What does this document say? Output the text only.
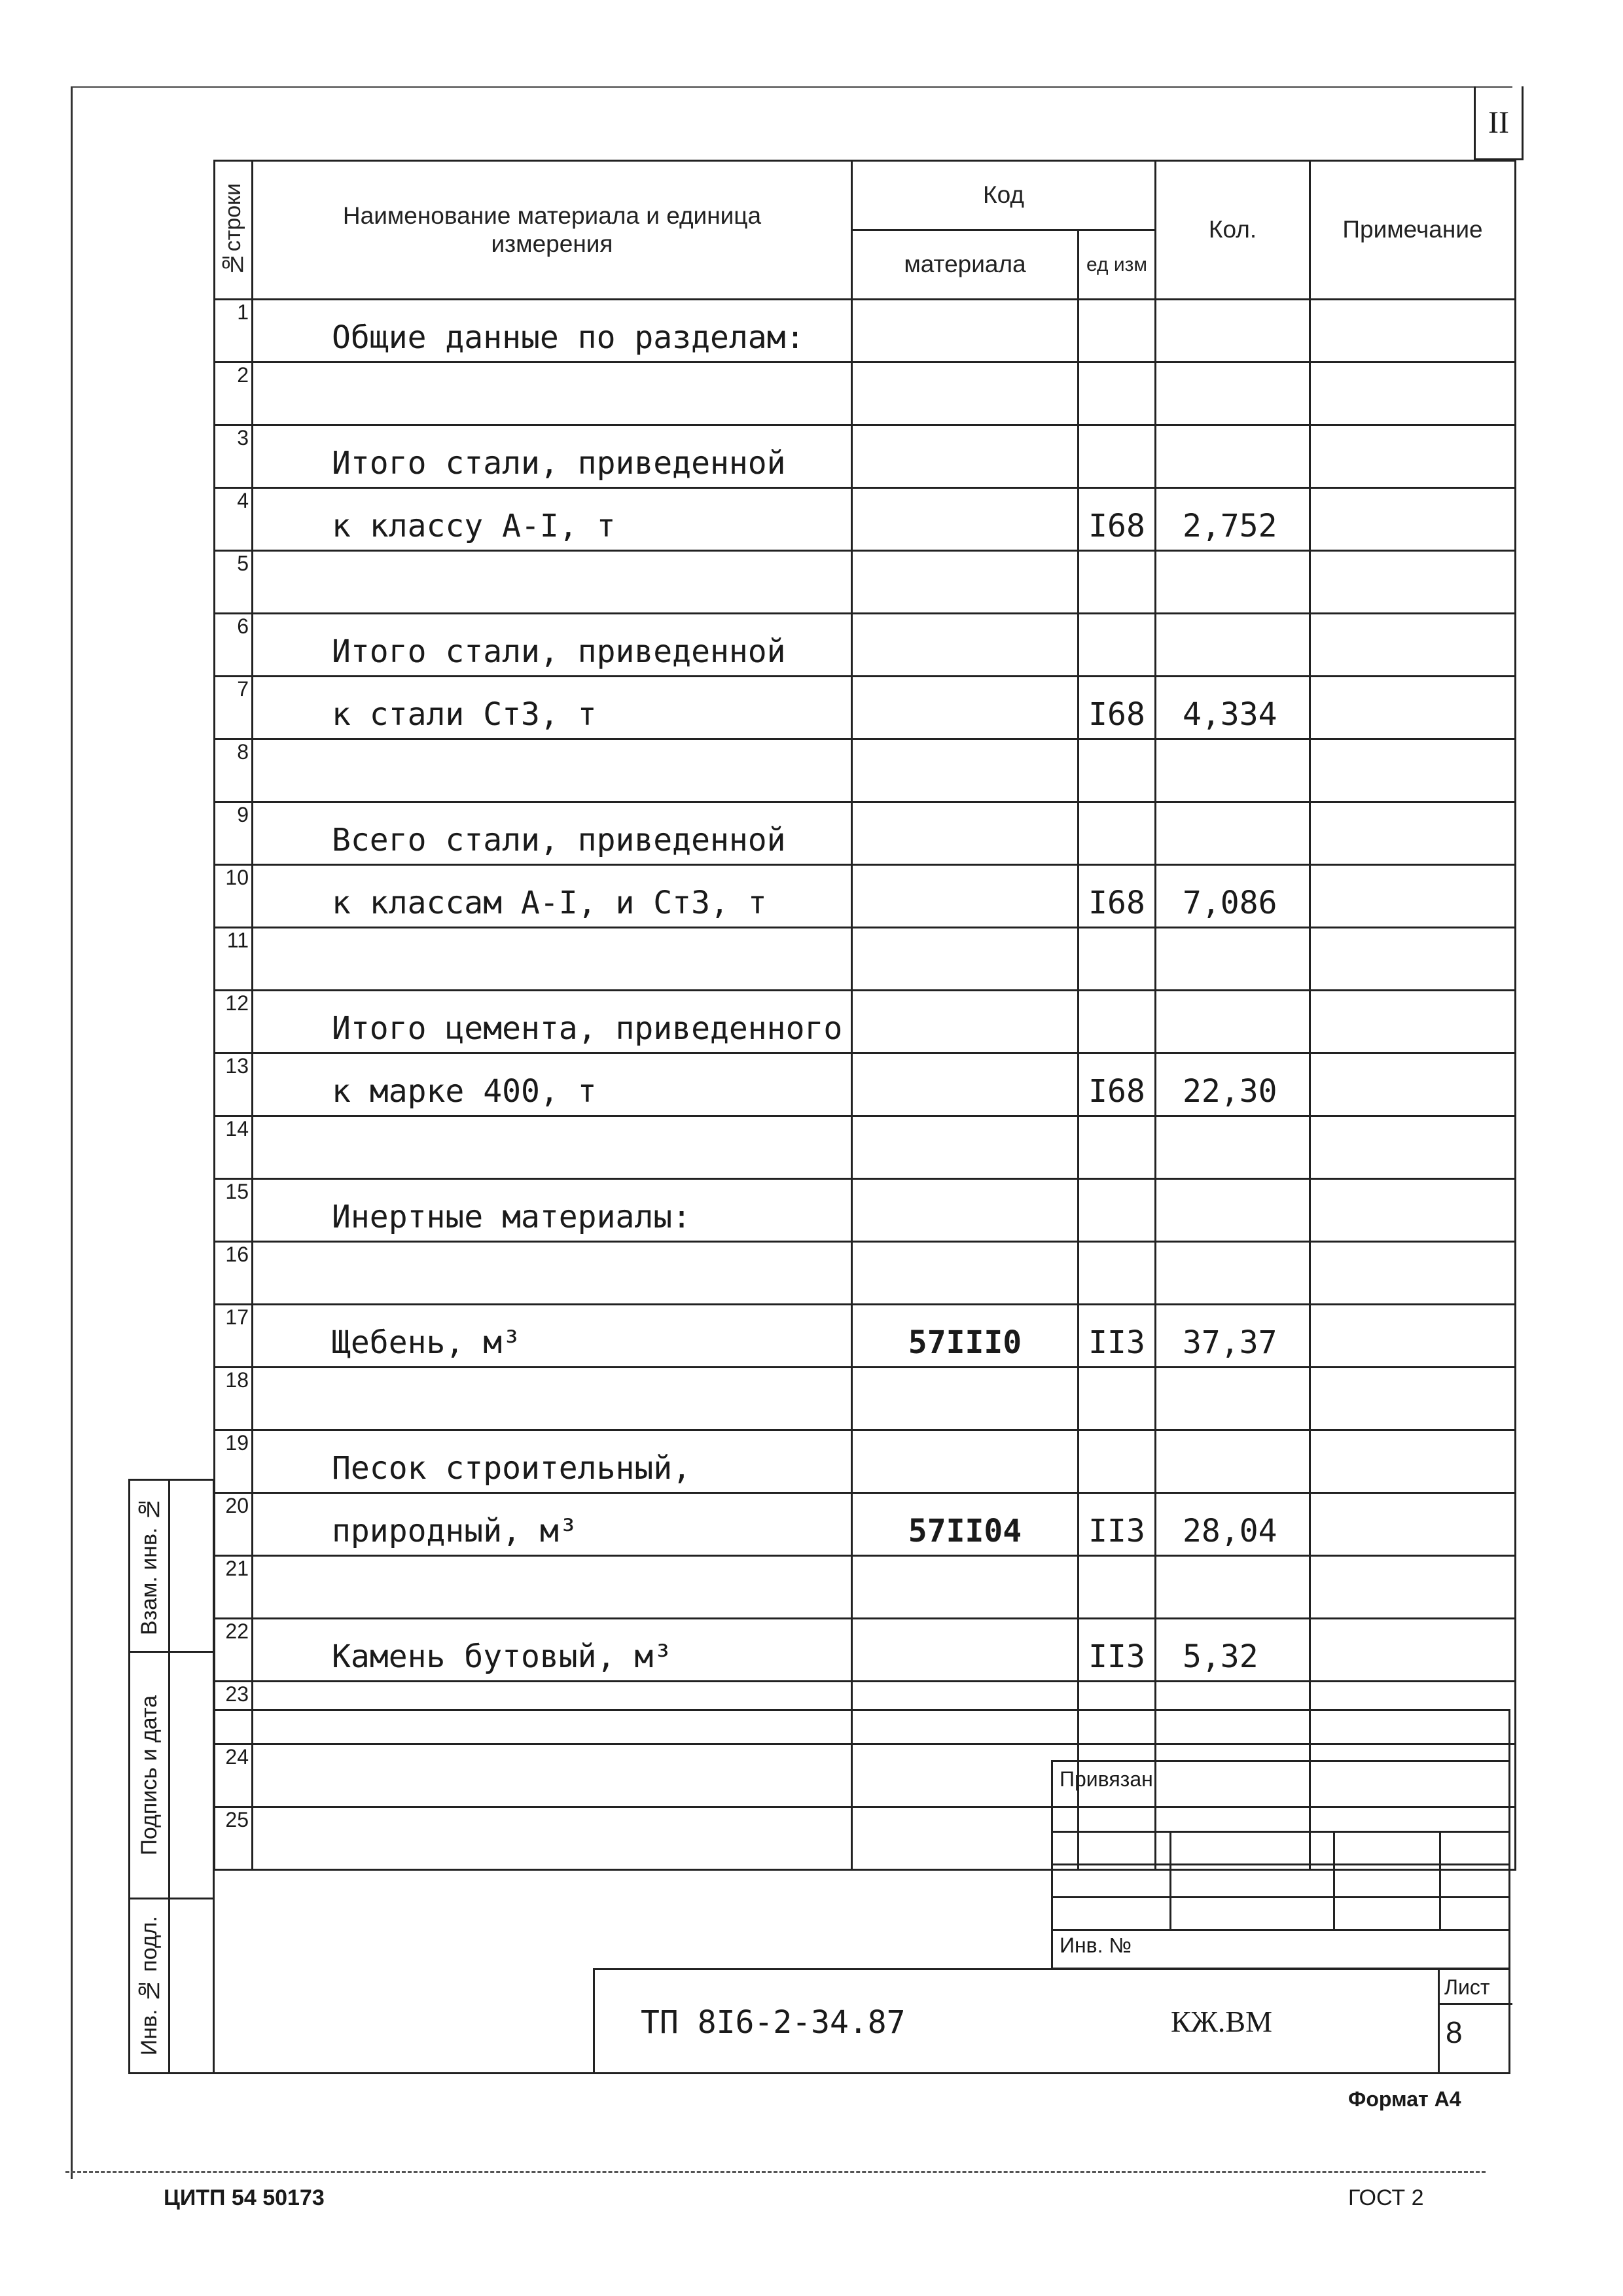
II
№строки	Наименование материала и единица измерения	Код		Кол.	Примечание
		материала	ед изм		
1	Общие данные по разделам:				
2					
3	Итого стали, приведенной				
4	к классу А-I, т		I68	2,752	
5					
6	Итого стали, приведенной				
7	к стали Ст3, т		I68	4,334	
8					
9	Всего стали, приведенной				
10	к классам А-I, и Ст3, т		I68	7,086	
11					
12	Итого цемента, приведенного				
13	к марке 400, т		I68	22,30	
14					
15	Инертные материалы:				
16					
17	Щебень, м³	57III0	II3	37,37	
18					
19	Песок строительный,				
20	природный, м³	57II04	II3	28,04	
21					
22	Камень бутовый, м³		II3	5,32	
23					
24					
25					
Взам. инв. №
Подпись и дата
Инв. № подл.
Привязан
Инв. №
ТП 8I6-2-34.87	КЖ.ВМ
Лист
8
Формат А4
ЦИТП 54 50173	ГОСТ 2
